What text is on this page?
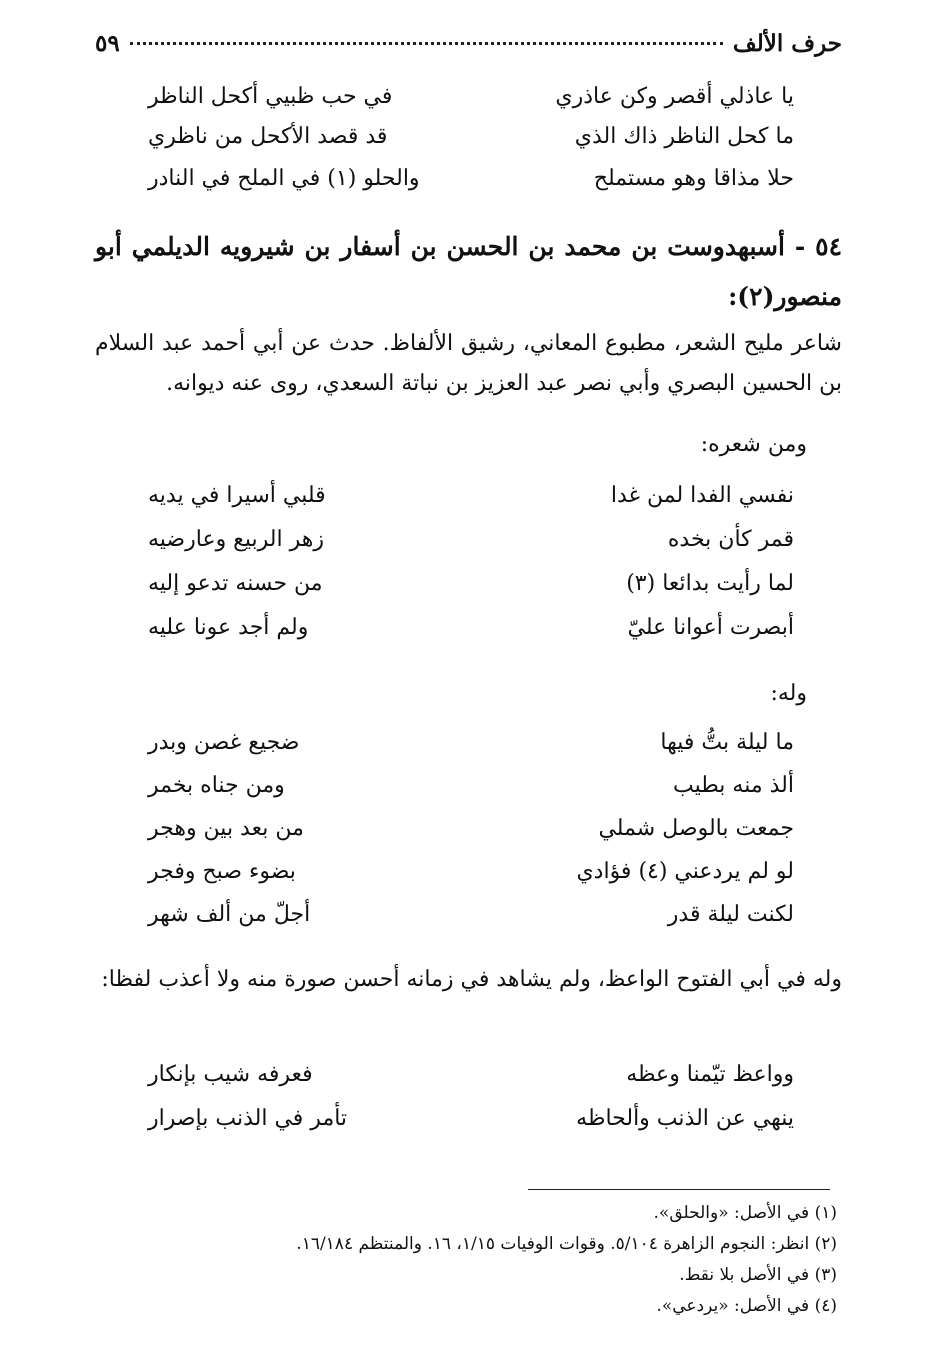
حرف الألف
٥٩
يا عاذلي أقصر وكن عاذري
في حب ظبيي أكحل الناظر
ما كحل الناظر ذاك الذي
قد قصد الأكحل من ناظري
حلا مذاقا وهو مستملح
والحلو (١) في الملح في النادر
٥٤ - أسبهدوست بن محمد بن الحسن بن أسفار بن شيرويه الديلمي أبو منصور(٢):
شاعر مليح الشعر، مطبوع المعاني، رشيق الألفاظ. حدث عن أبي أحمد عبد السلام بن الحسين البصري وأبي نصر عبد العزيز بن نباتة السعدي، روى عنه ديوانه.
ومن شعره:
نفسي الفدا لمن غدا
قلبي أسيرا في يديه
قمر كأن بخده
زهر الربيع وعارضيه
لما رأيت بدائعا (٣)
من حسنه تدعو إليه
أبصرت أعوانا عليّ
ولم أجد عونا عليه
وله:
ما ليلة بتُّ فيها
ضجيع غصن وبدر
ألذ منه بطيب
ومن جناه بخمر
جمعت بالوصل شملي
من بعد بين وهجر
لو لم يردعني (٤) فؤادي
بضوء صبح وفجر
لكنت ليلة قدر
أجلّ من ألف شهر
وله في أبي الفتوح الواعظ، ولم يشاهد في زمانه أحسن صورة منه ولا أعذب لفظا:
وواعظ تيّمنا وعظه
فعرفه شيب بإنكار
ينهي عن الذنب وألحاظه
تأمر في الذنب بإصرار
(١) في الأصل: «والحلق».
(٢) انظر: النجوم الزاهرة ٥/١٠٤. وقوات الوفيات ١/١٥، ١٦. والمنتظم ١٦/١٨٤.
(٣) في الأصل بلا نقط.
(٤) في الأصل: «يردعي».
